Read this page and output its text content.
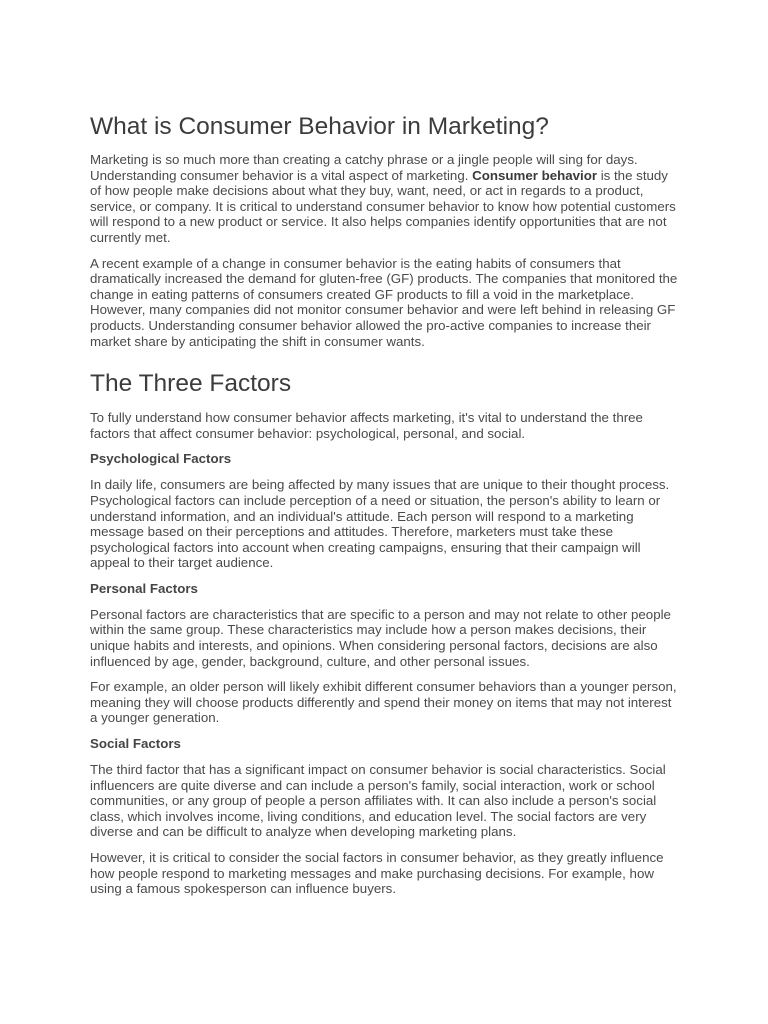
What is Consumer Behavior in Marketing?

Marketing is so much more than creating a catchy phrase or a jingle people will sing for days. Understanding consumer behavior is a vital aspect of marketing. Consumer behavior is the study of how people make decisions about what they buy, want, need, or act in regards to a product, service, or company. It is critical to understand consumer behavior to know how potential customers will respond to a new product or service. It also helps companies identify opportunities that are not currently met.

A recent example of a change in consumer behavior is the eating habits of consumers that dramatically increased the demand for gluten-free (GF) products. The companies that monitored the change in eating patterns of consumers created GF products to fill a void in the marketplace. However, many companies did not monitor consumer behavior and were left behind in releasing GF products. Understanding consumer behavior allowed the pro-active companies to increase their market share by anticipating the shift in consumer wants.

The Three Factors

To fully understand how consumer behavior affects marketing, it's vital to understand the three factors that affect consumer behavior: psychological, personal, and social.

Psychological Factors

In daily life, consumers are being affected by many issues that are unique to their thought process. Psychological factors can include perception of a need or situation, the person's ability to learn or understand information, and an individual's attitude. Each person will respond to a marketing message based on their perceptions and attitudes. Therefore, marketers must take these psychological factors into account when creating campaigns, ensuring that their campaign will appeal to their target audience.

Personal Factors

Personal factors are characteristics that are specific to a person and may not relate to other people within the same group. These characteristics may include how a person makes decisions, their unique habits and interests, and opinions. When considering personal factors, decisions are also influenced by age, gender, background, culture, and other personal issues.

For example, an older person will likely exhibit different consumer behaviors than a younger person, meaning they will choose products differently and spend their money on items that may not interest a younger generation.

Social Factors

The third factor that has a significant impact on consumer behavior is social characteristics. Social influencers are quite diverse and can include a person's family, social interaction, work or school communities, or any group of people a person affiliates with. It can also include a person's social class, which involves income, living conditions, and education level. The social factors are very diverse and can be difficult to analyze when developing marketing plans.

However, it is critical to consider the social factors in consumer behavior, as they greatly influence how people respond to marketing messages and make purchasing decisions. For example, how using a famous spokesperson can influence buyers.
